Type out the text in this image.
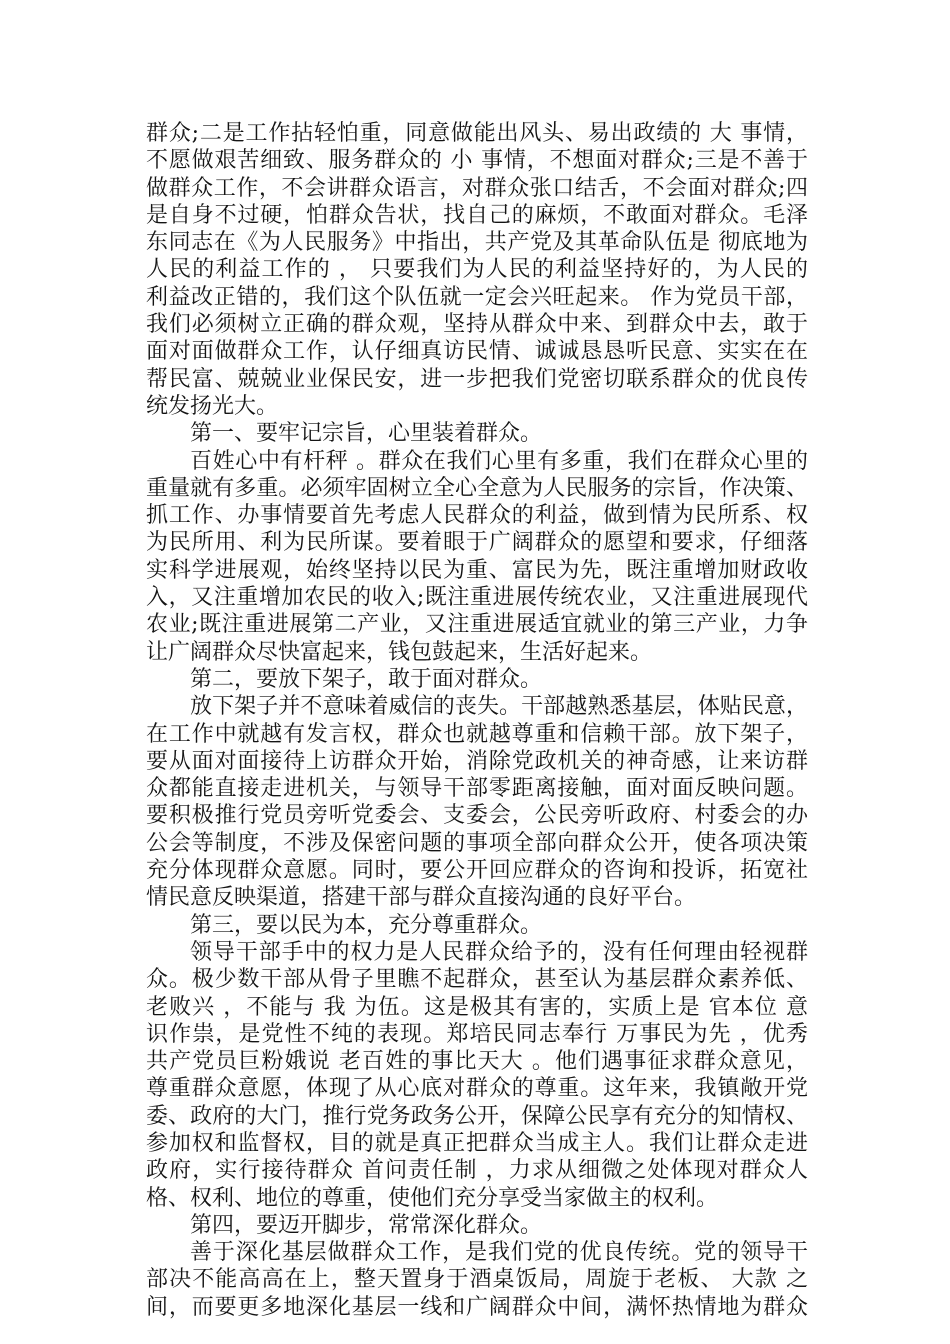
群众;二是工作拈轻怕重，同意做能出风头、易出政绩的 大 事情，
不愿做艰苦细致、服务群众的 小 事情，不想面对群众;三是不善于
做群众工作，不会讲群众语言，对群众张口结舌，不会面对群众;四
是自身不过硬，怕群众告状，找自己的麻烦，不敢面对群众。毛泽
东同志在《为人民服务》中指出，共产党及其革命队伍是 彻底地为
人民的利益工作的 ， 只要我们为人民的利益坚持好的，为人民的
利益改正错的，我们这个队伍就一定会兴旺起来。 作为党员干部，
我们必须树立正确的群众观，坚持从群众中来、到群众中去，敢于
面对面做群众工作，认仔细真访民情、诚诚恳恳听民意、实实在在
帮民富、兢兢业业保民安，进一步把我们党密切联系群众的优良传
统发扬光大。
第一、要牢记宗旨，心里装着群众。
百姓心中有杆秤 。群众在我们心里有多重，我们在群众心里的
重量就有多重。必须牢固树立全心全意为人民服务的宗旨，作决策、
抓工作、办事情要首先考虑人民群众的利益，做到情为民所系、权
为民所用、利为民所谋。要着眼于广阔群众的愿望和要求，仔细落
实科学进展观，始终坚持以民为重、富民为先，既注重增加财政收
入，又注重增加农民的收入;既注重进展传统农业，又注重进展现代
农业;既注重进展第二产业，又注重进展适宜就业的第三产业，力争
让广阔群众尽快富起来，钱包鼓起来，生活好起来。
第二，要放下架子，敢于面对群众。
放下架子并不意味着威信的丧失。干部越熟悉基层，体贴民意，
在工作中就越有发言权，群众也就越尊重和信赖干部。放下架子，
要从面对面接待上访群众开始，消除党政机关的神奇感，让来访群
众都能直接走进机关，与领导干部零距离接触，面对面反映问题。
要积极推行党员旁听党委会、支委会，公民旁听政府、村委会的办
公会等制度，不涉及保密问题的事项全部向群众公开，使各项决策
充分体现群众意愿。同时，要公开回应群众的咨询和投诉，拓宽社
情民意反映渠道，搭建干部与群众直接沟通的良好平台。
第三，要以民为本，充分尊重群众。
领导干部手中的权力是人民群众给予的，没有任何理由轻视群
众。极少数干部从骨子里瞧不起群众，甚至认为基层群众素养低、
老败兴 ，不能与 我 为伍。这是极其有害的，实质上是 官本位 意
识作祟，是党性不纯的表现。郑培民同志奉行 万事民为先 ，优秀
共产党员巨粉娥说 老百姓的事比天大 。他们遇事征求群众意见，
尊重群众意愿，体现了从心底对群众的尊重。这年来，我镇敞开党
委、政府的大门，推行党务政务公开，保障公民享有充分的知情权、
参加权和监督权，目的就是真正把群众当成主人。我们让群众走进
政府，实行接待群众 首问责任制 ，力求从细微之处体现对群众人
格、权利、地位的尊重，使他们充分享受当家做主的权利。
第四，要迈开脚步，常常深化群众。
善于深化基层做群众工作，是我们党的优良传统。党的领导干
部决不能高高在上，整天置身于酒桌饭局，周旋于老板、 大款 之
间，而要更多地深化基层一线和广阔群众中间，满怀热情地为群众
